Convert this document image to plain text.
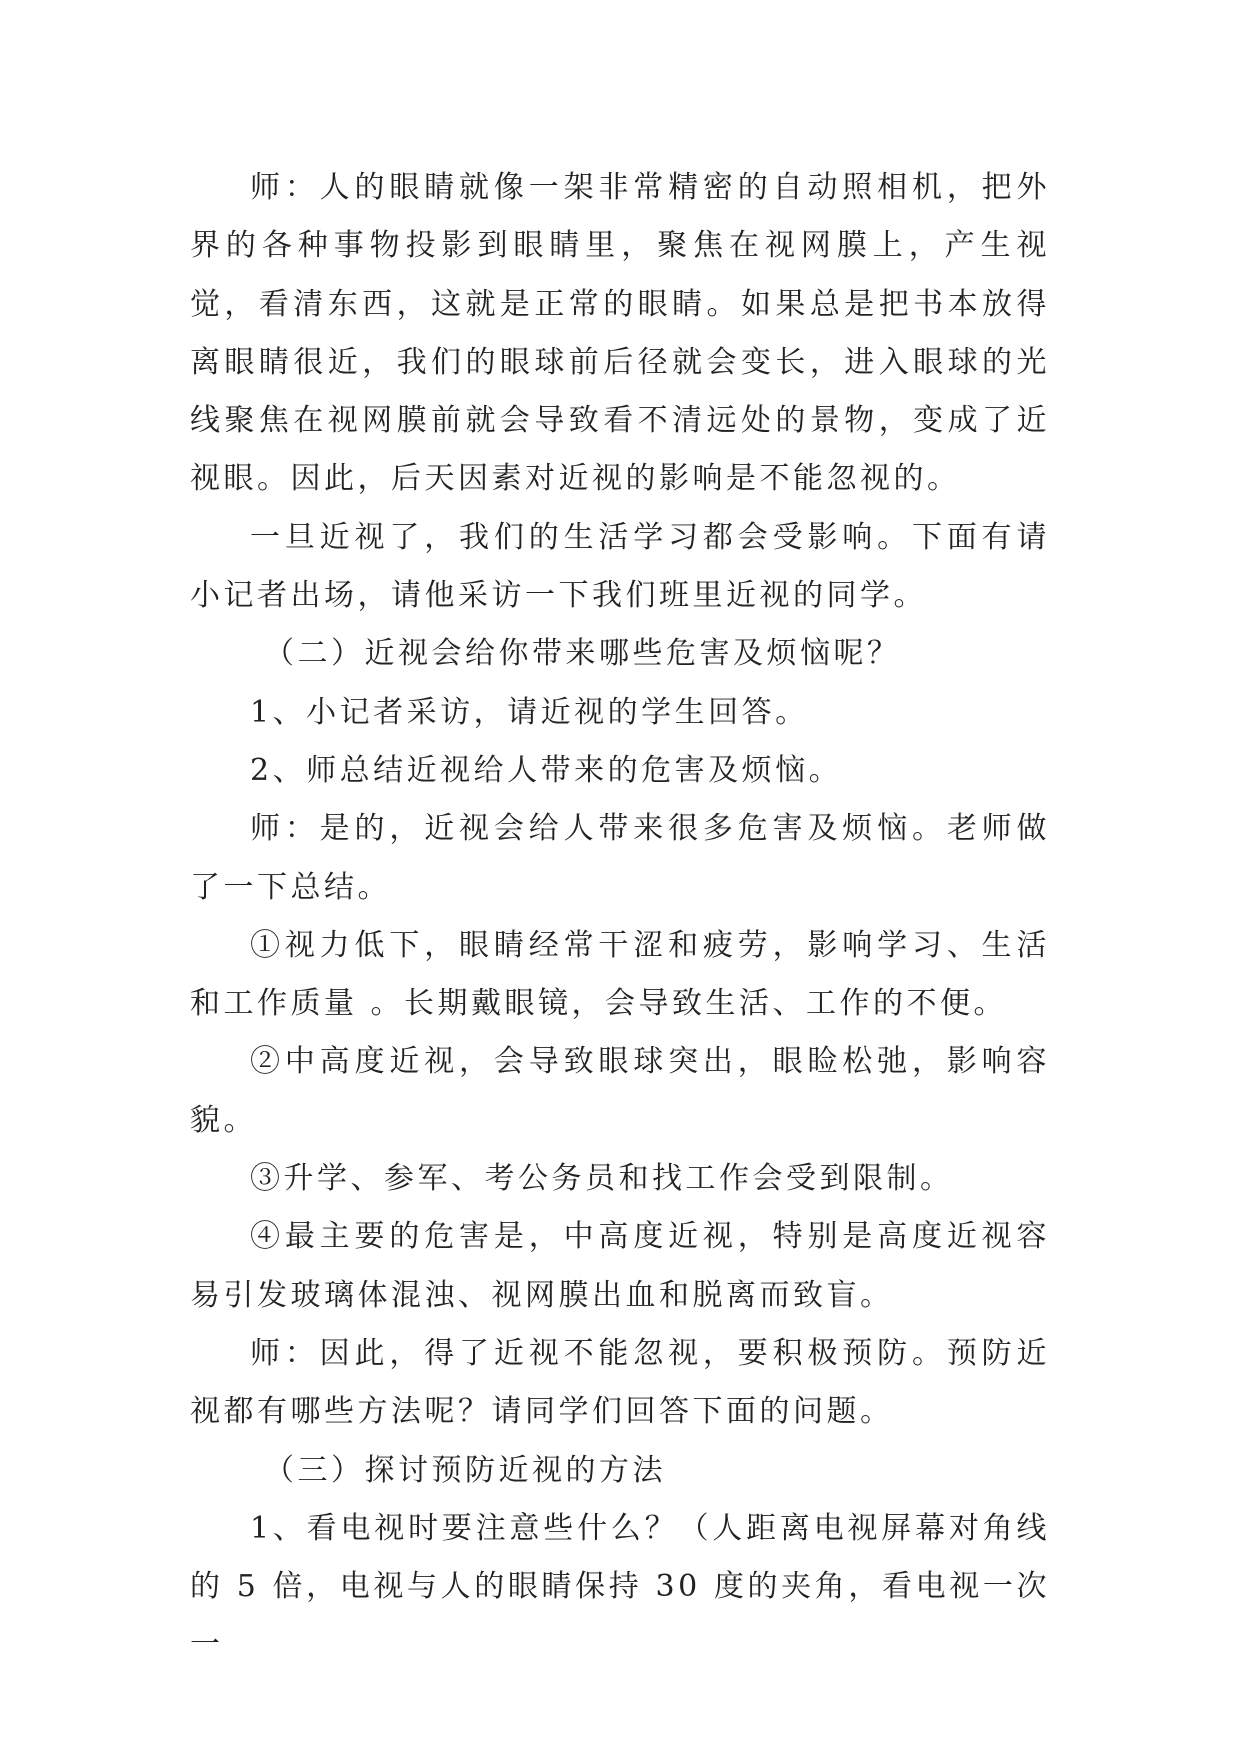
师：人的眼睛就像一架非常精密的自动照相机，把外界的各种事物投影到眼睛里，聚焦在视网膜上，产生视觉，看清东西，这就是正常的眼睛。如果总是把书本放得离眼睛很近，我们的眼球前后径就会变长，进入眼球的光线聚焦在视网膜前就会导致看不清远处的景物，变成了近视眼。因此，后天因素对近视的影响是不能忽视的。

一旦近视了，我们的生活学习都会受影响。下面有请小记者出场，请他采访一下我们班里近视的同学。

（二）近视会给你带来哪些危害及烦恼呢？

1、小记者采访，请近视的学生回答。

2、师总结近视给人带来的危害及烦恼。

师：是的，近视会给人带来很多危害及烦恼。老师做了一下总结。

①视力低下，眼睛经常干涩和疲劳，影响学习、生活和工作质量 。长期戴眼镜，会导致生活、工作的不便。

②中高度近视，会导致眼球突出，眼睑松弛，影响容貌。

③升学、参军、考公务员和找工作会受到限制。

④最主要的危害是，中高度近视，特别是高度近视容易引发玻璃体混浊、视网膜出血和脱离而致盲。

师：因此，得了近视不能忽视，要积极预防。预防近视都有哪些方法呢？请同学们回答下面的问题。

（三）探讨预防近视的方法

1、看电视时要注意些什么？（人距离电视屏幕对角线的 5 倍，电视与人的眼睛保持 30 度的夹角，看电视一次一
